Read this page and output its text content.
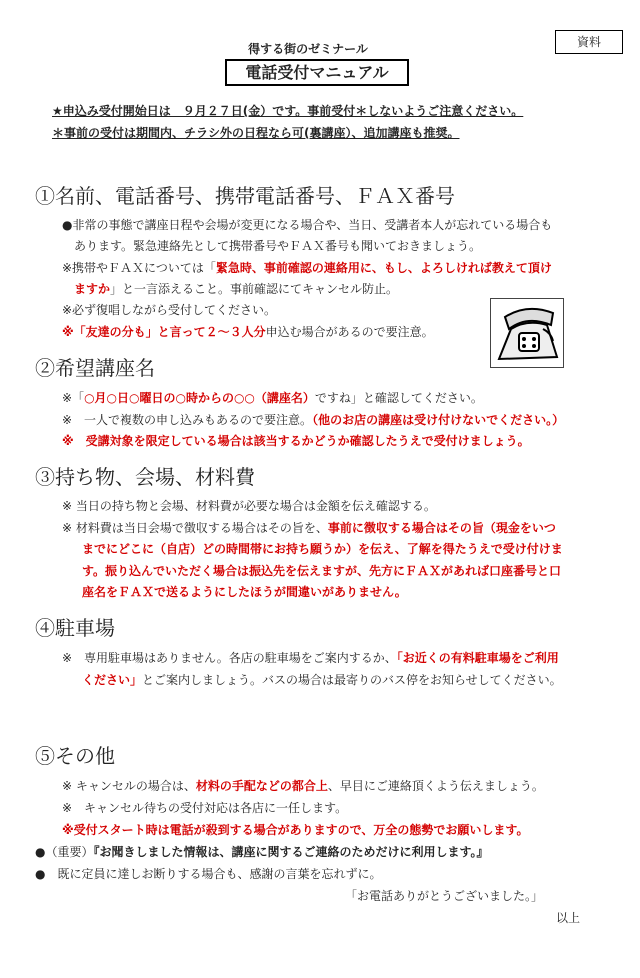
資料
得する街のゼミナール
電話受付マニュアル
★申込み受付開始日は　９月２７日(金）です。事前受付＊しないようご注意ください。
＊事前の受付は期間内、チラシ外の日程なら可(裏講座）、追加講座も推奨。
①名前、電話番号、携帯電話番号、ＦＡＸ番号
●非常の事態で講座日程や会場が変更になる場合や、当日、受講者本人が忘れている場合も
あります。緊急連絡先として携帯番号やＦＡＸ番号も聞いておきましょう。
※携帯やＦＡＸについては「緊急時、事前確認の連絡用に、もし、よろしければ教えて頂け
ますか」と一言添えること。事前確認にてキャンセル防止。
※必ず復唱しながら受付してください。
※「友達の分も」と言って２～３人分申込む場合があるので要注意。
②希望講座名
※「○月○日○曜日の○時からの○○（講座名）ですね」と確認してください。
※　一人で複数の申し込みもあるので要注意。（他のお店の講座は受け付けないでください。）
※　受講対象を限定している場合は該当するかどうか確認したうえで受付けましょう。
③持ち物、会場、材料費
※ 当日の持ち物と会場、材料費が必要な場合は金額を伝え確認する。
※ 材料費は当日会場で徴収する場合はその旨を、事前に徴収する場合はその旨（現金をいつ
までにどこに（自店）どの時間帯にお持ち願うか）を伝え、了解を得たうえで受け付けま
す。振り込んでいただく場合は振込先を伝えますが、先方にＦＡＸがあれば口座番号と口
座名をＦＡＸで送るようにしたほうが間違いがありません。
④駐車場
※　専用駐車場はありません。各店の駐車場をご案内するか、「お近くの有料駐車場をご利用
ください」とご案内しましょう。バスの場合は最寄りのバス停をお知らせしてください。
⑤その他
※ キャンセルの場合は、材料の手配などの都合上、早目にご連絡頂くよう伝えましょう。
※　キャンセル待ちの受付対応は各店に一任します。
※受付スタート時は電話が殺到する場合がありますので、万全の態勢でお願いします。
●（重要）『お聞きしました情報は、講座に関するご連絡のためだけに利用します。』
●　既に定員に達しお断りする場合も、感謝の言葉を忘れずに。
「お電話ありがとうございました。」
以上
